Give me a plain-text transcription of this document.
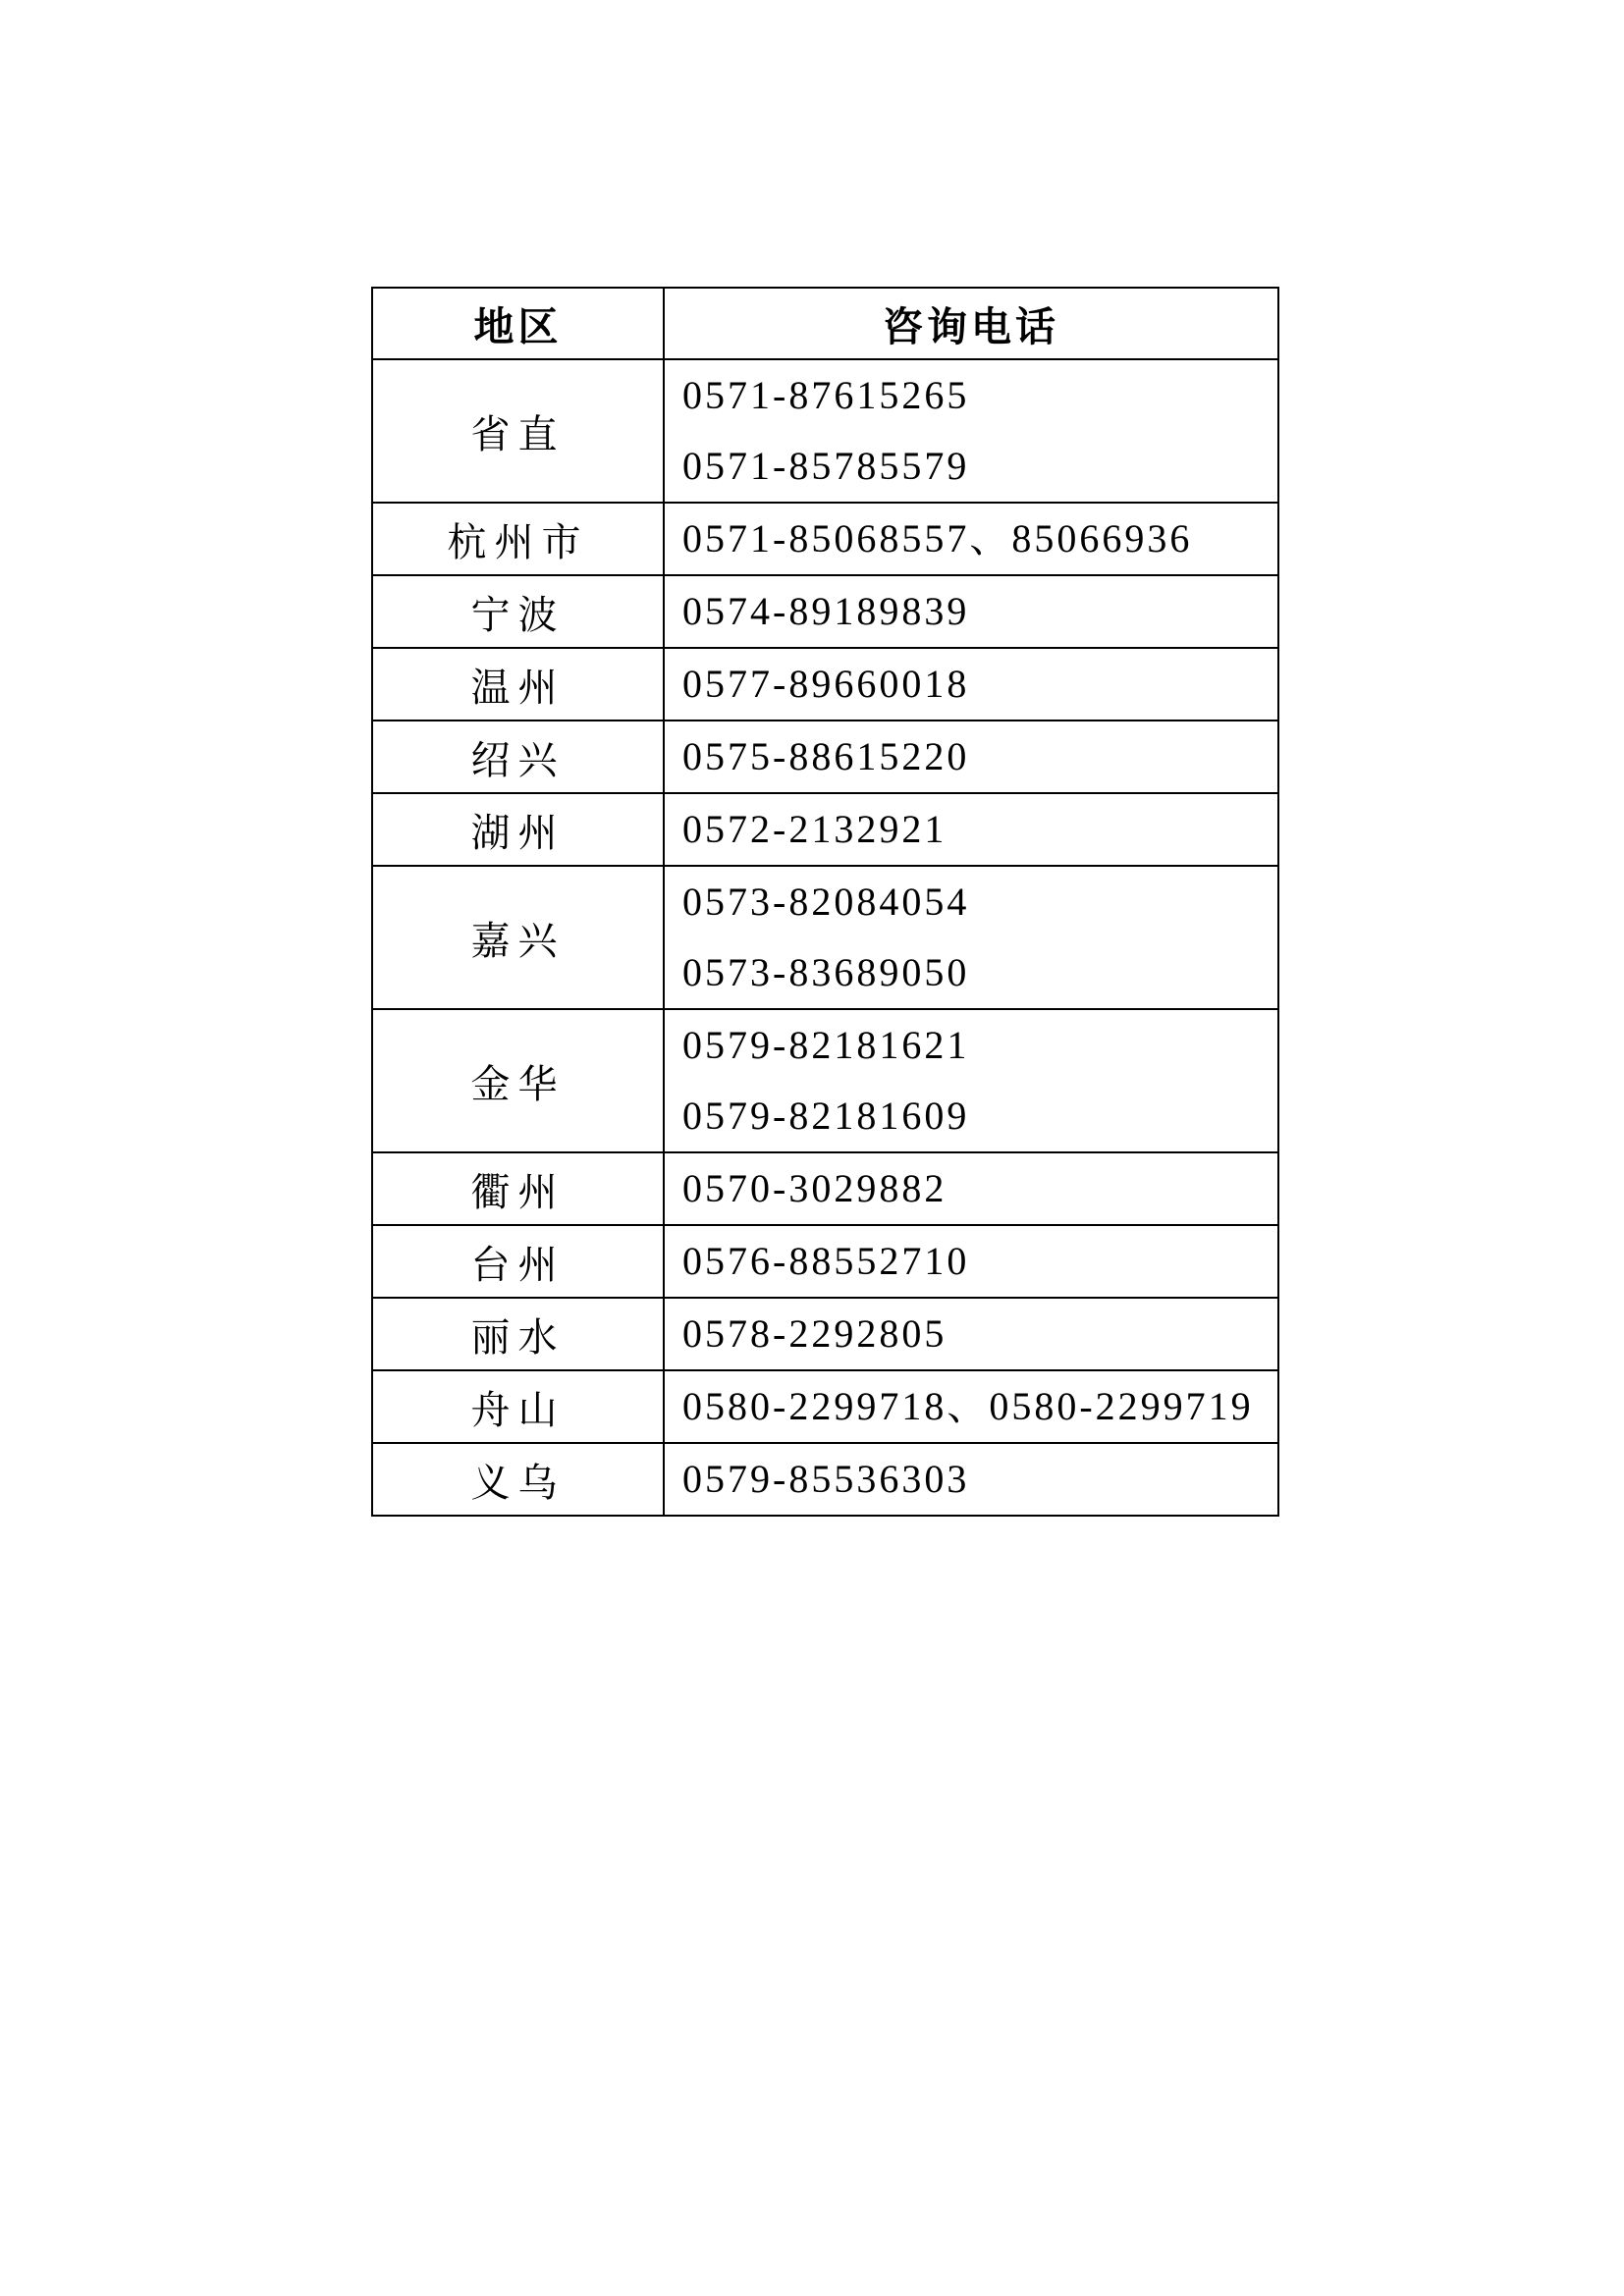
地区	咨询电话
省直	0571-87615265
0571-85785579

杭州市	0571-85068557、85066936

宁波	0574-89189839

温州	0577-89660018

绍兴	0575-88615220

湖州	0572-2132921

嘉兴	0573-82084054
0573-83689050

金华	0579-82181621
0579-82181609

衢州	0570-3029882

台州	0576-88552710

丽水	0578-2292805

舟山	0580-2299718、0580-2299719

义乌	0579-85536303
